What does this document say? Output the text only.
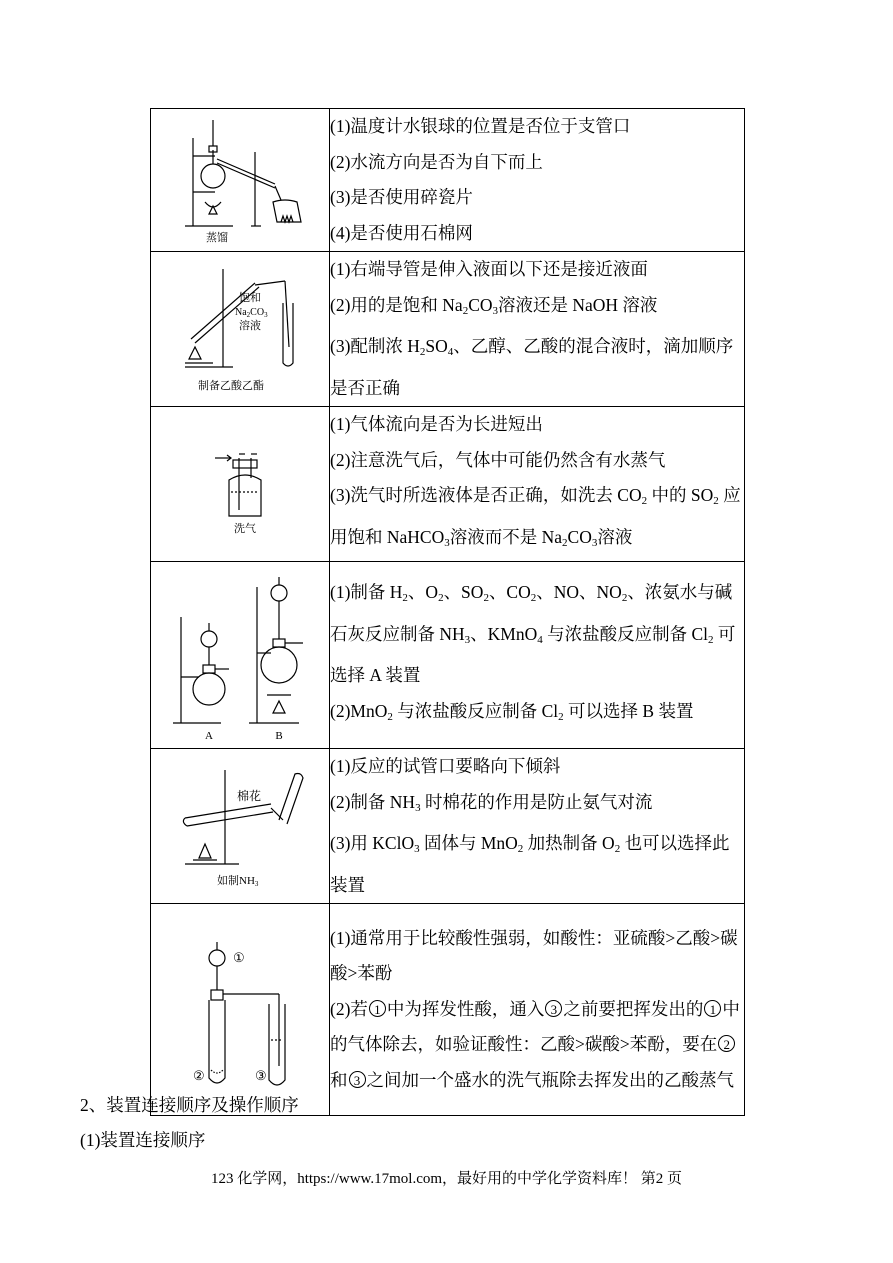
蒸馏	(1)温度计水银球的位置是否位于支管口
(2)水流方向是否为自下而上
(3)是否使用碎瓷片
(4)是否使用石棉网

饱和
$Na_2CO_3$
溶液
制备乙酸乙酯	(1)右端导管是伸入液面以下还是接近液面
(2)用的是饱和 $Na_2CO_3$溶液还是 NaOH 溶液
(3)配制浓 $H_2SO_4$、乙醇、乙酸的混合液时，滴加顺序是否正确

洗气	(1)气体流向是否为长进短出
(2)注意洗气后，气体中可能仍然含有水蒸气
(3)洗气时所选液体是否正确，如洗去 $CO_2$ 中的 $SO_2$ 应用饱和 NaHCO$_3$溶液而不是 $Na_2CO_3$溶液

A B	(1)制备 $H_2$、$O_2$、$SO_2$、$CO_2$、NO、$NO_2$、浓氨水与碱石灰反应制备 $NH_3$、KMnO$_4$ 与浓盐酸反应制备 $Cl_2$ 可选择 A 装置
(2)MnO$_2$ 与浓盐酸反应制备 $Cl_2$ 可以选择 B 装置

棉花
如制NH3	(1)反应的试管口要略向下倾斜
(2)制备 $NH_3$ 时棉花的作用是防止氨气对流
(3)用 KClO$_3$ 固体与 MnO$_2$ 加热制备 $O_2$ 也可以选择此装置

①
② ③	(1)通常用于比较酸性强弱，如酸性：亚硫酸>乙酸>碳酸>苯酚
(2)若 1 中为挥发性酸，通入 3 之前要把挥发出的 1 中的气体除去，如验证酸性：乙酸>碳酸>苯酚，要在 2和 3 之间加一个盛水的洗气瓶除去挥发出的乙酸蒸气
2、装置连接顺序及操作顺序
(1)装置连接顺序
123 化学网，https://www.17mol.com，最好用的中学化学资料库！ 第2 页
